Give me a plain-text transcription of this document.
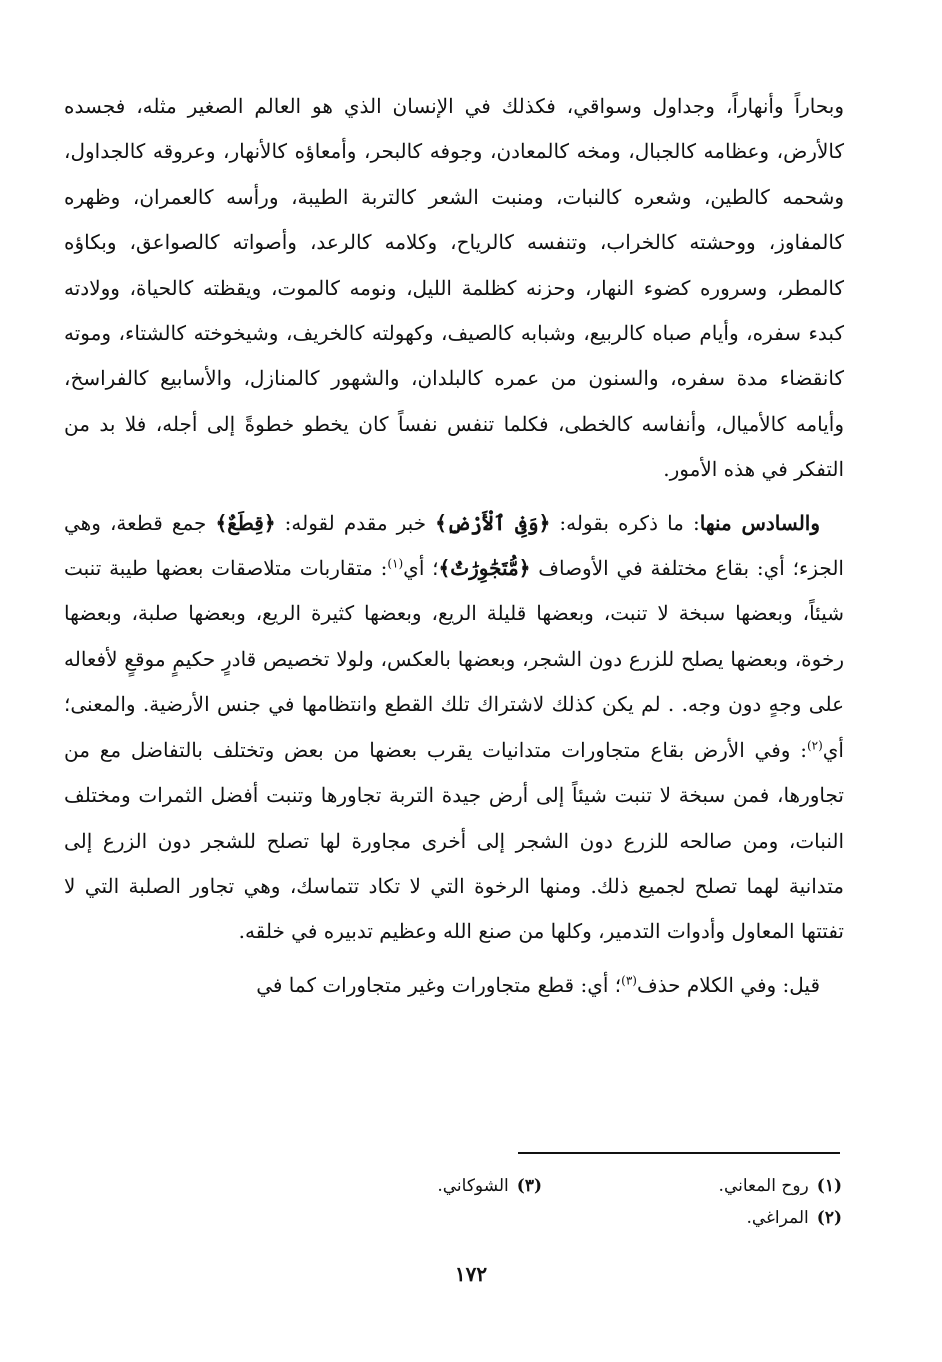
وبحاراً وأنهاراً، وجداول وسواقي، فكذلك في الإنسان الذي هو العالم الصغير مثله، فجسده كالأرض، وعظامه كالجبال، ومخه كالمعادن، وجوفه كالبحر، وأمعاؤه كالأنهار، وعروقه كالجداول، وشحمه كالطين، وشعره كالنبات، ومنبت الشعر كالتربة الطيبة، ورأسه كالعمران، وظهره كالمفاوز، ووحشته كالخراب، وتنفسه كالرياح، وكلامه كالرعد، وأصواته كالصواعق، وبكاؤه كالمطر، وسروره كضوء النهار، وحزنه كظلمة الليل، ونومه كالموت، ويقظته كالحياة، وولادته كبدء سفره، وأيام صباه كالربيع، وشبابه كالصيف، وكهولته كالخريف، وشيخوخته كالشتاء، وموته كانقضاء مدة سفره، والسنون من عمره كالبلدان، والشهور كالمنازل، والأسابيع كالفراسخ، وأيامه كالأميال، وأنفاسه كالخطى، فكلما تنفس نفساً كان يخطو خطوةً إلى أجله، فلا بد من التفكر في هذه الأمور.

والسادس منها: ما ذكره بقوله: ﴿وَفِى ٱلْأَرْضِ﴾ خبر مقدم لقوله: ﴿قِطَعٌ﴾ جمع قطعة، وهي الجزء؛ أي: بقاع مختلفة في الأوصاف ﴿مُّتَجَٰوِرَٰتٌ﴾؛ أي$^{(١)}$: متقاربات متلاصقات بعضها طيبة تنبت شيئاً، وبعضها سبخة لا تنبت، وبعضها قليلة الريع، وبعضها كثيرة الريع، وبعضها صلبة، وبعضها رخوة، وبعضها يصلح للزرع دون الشجر، وبعضها بالعكس، ولولا تخصيص قادرٍ حكيمٍ موقعٍ لأفعاله على وجهٍ دون وجه. . لم يكن كذلك لاشتراك تلك القطع وانتظامها في جنس الأرضية. والمعنى؛ أي$^{(٢)}$: وفي الأرض بقاع متجاورات متدانيات يقرب بعضها من بعض وتختلف بالتفاضل مع من تجاورها، فمن سبخة لا تنبت شيئاً إلى أرض جيدة التربة تجاورها وتنبت أفضل الثمرات ومختلف النبات، ومن صالحه للزرع دون الشجر إلى أخرى مجاورة لها تصلح للشجر دون الزرع إلى متدانية لهما تصلح لجميع ذلك. ومنها الرخوة التي لا تكاد تتماسك، وهي تجاور الصلبة التي لا تفتتها المعاول وأدوات التدمير، وكلها من صنع الله وعظيم تدبيره في خلقه.

قيل: وفي الكلام حذف$^{(٣)}$؛ أي: قطع متجاورات وغير متجاورات كما في

(١)روح المعاني.
(٣)الشوكاني.
(٢)المراغي.
١٧٢
